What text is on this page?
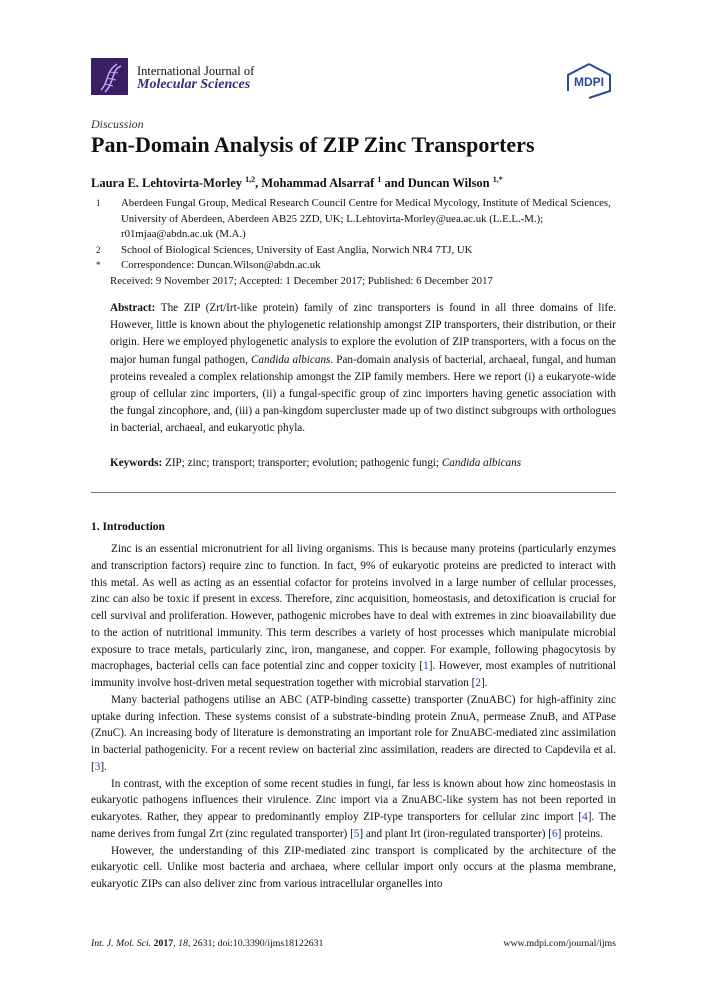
International Journal of
Molecular Sciences	MDPI
Discussion
Pan-Domain Analysis of ZIP Zinc Transporters
Laura E. Lehtovirta-Morley $^{1,2}$, Mohammad Alsarraf $^1$ and Duncan Wilson $^{1,*}$
1	Aberdeen Fungal Group, Medical Research Council Centre for Medical Mycology, Institute of Medical Sciences, University of Aberdeen, Aberdeen AB25 2ZD, UK; L.Lehtovirta-Morley@uea.ac.uk (L.E.L.-M.); r01mjaa@abdn.ac.uk (M.A.)
2	School of Biological Sciences, University of East Anglia, Norwich NR4 7TJ, UK
*	Correspondence: Duncan.Wilson@abdn.ac.uk
Received: 9 November 2017; Accepted: 1 December 2017; Published: 6 December 2017
Abstract: The ZIP (Zrt/Irt-like protein) family of zinc transporters is found in all three domains of life. However, little is known about the phylogenetic relationship amongst ZIP transporters, their distribution, or their origin. Here we employed phylogenetic analysis to explore the evolution of ZIP transporters, with a focus on the major human fungal pathogen, Candida albicans. Pan-domain analysis of bacterial, archaeal, fungal, and human proteins revealed a complex relationship amongst the ZIP family members. Here we report (i) a eukaryote-wide group of cellular zinc importers, (ii) a fungal-specific group of zinc importers having genetic association with the fungal zincophore, and, (iii) a pan-kingdom supercluster made up of two distinct subgroups with orthologues in bacterial, archaeal, and eukaryotic phyla.
Keywords: ZIP; zinc; transport; transporter; evolution; pathogenic fungi; Candida albicans
1. Introduction

Zinc is an essential micronutrient for all living organisms. This is because many proteins (particularly enzymes and transcription factors) require zinc to function. In fact, 9% of eukaryotic proteins are predicted to interact with this metal. As well as acting as an essential cofactor for proteins involved in a large number of cellular processes, zinc can also be toxic if present in excess. Therefore, zinc acquisition, homeostasis, and detoxification is crucial for cell survival and proliferation. However, pathogenic microbes have to deal with extremes in zinc bioavailability due to the action of nutritional immunity. This term describes a variety of host processes which manipulate microbial exposure to trace metals, particularly zinc, iron, manganese, and copper. For example, following phagocytosis by macrophages, bacterial cells can face potential zinc and copper toxicity [1]. However, most examples of nutritional immunity involve host-driven metal sequestration together with microbial starvation [2].

Many bacterial pathogens utilise an ABC (ATP-binding cassette) transporter (ZnuABC) for high-affinity zinc uptake during infection. These systems consist of a substrate-binding protein ZnuA, permease ZnuB, and ATPase (ZnuC). An increasing body of literature is demonstrating an important role for ZnuABC-mediated zinc assimilation in bacterial pathogenicity. For a recent review on bacterial zinc assimilation, readers are directed to Capdevila et al. [3].

In contrast, with the exception of some recent studies in fungi, far less is known about how zinc homeostasis in eukaryotic pathogens influences their virulence. Zinc import via a ZnuABC-like system has not been reported in eukaryotes. Rather, they appear to predominantly employ ZIP-type transporters for cellular zinc import [4]. The name derives from fungal Zrt (zinc regulated transporter) [5] and plant Irt (iron-regulated transporter) [6] proteins.

However, the understanding of this ZIP-mediated zinc transport is complicated by the architecture of the eukaryotic cell. Unlike most bacteria and archaea, where cellular import only occurs at the plasma membrane, eukaryotic ZIPs can also deliver zinc from various intracellular organelles into

Int. J. Mol. Sci. 2017, 18, 2631; doi:10.3390/ijms18122631	www.mdpi.com/journal/ijms
